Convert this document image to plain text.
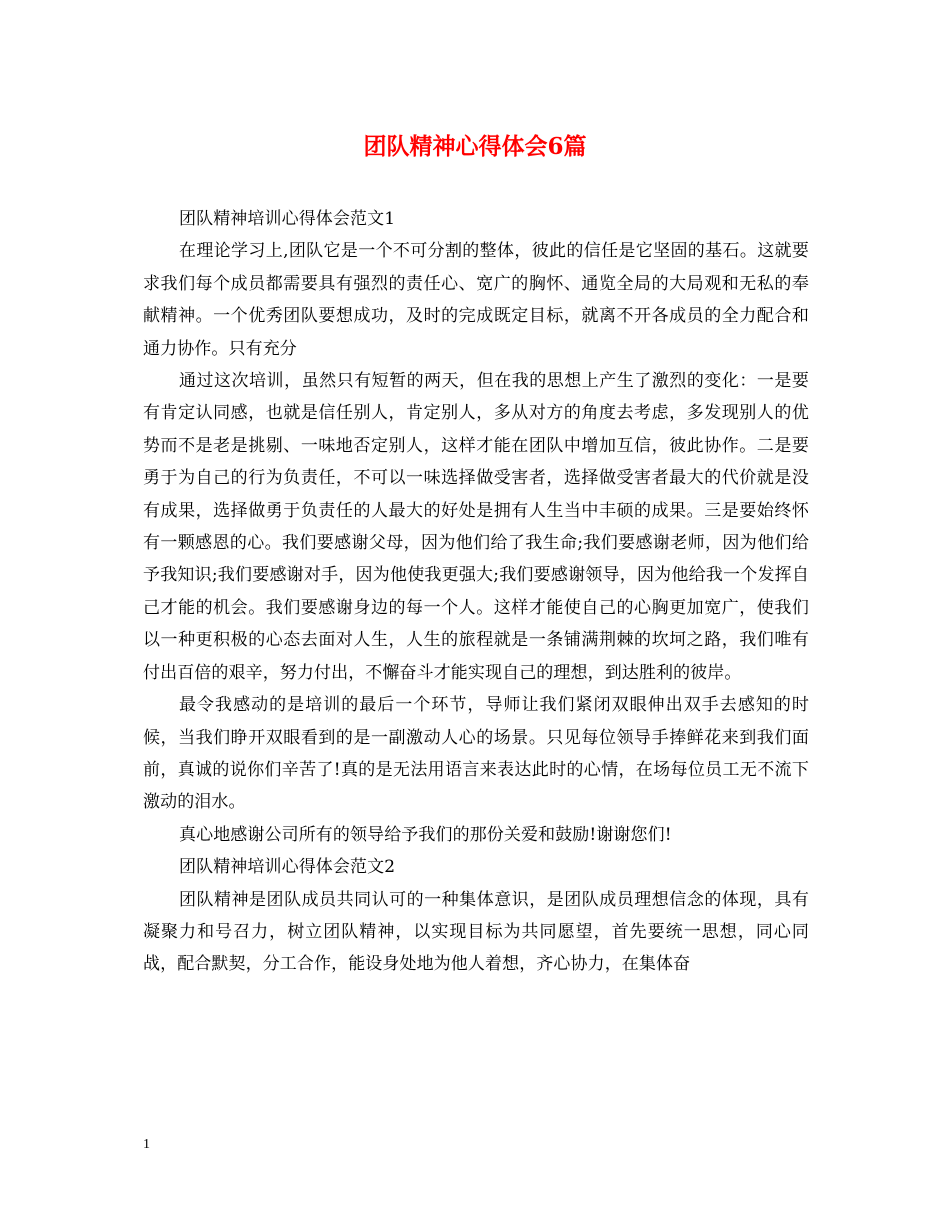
团队精神心得体会6篇

团队精神培训心得体会范文1

在理论学习上,团队它是一个不可分割的整体，彼此的信任是它坚固的基石。这就要求我们每个成员都需要具有强烈的责任心、宽广的胸怀、通览全局的大局观和无私的奉献精神。一个优秀团队要想成功，及时的完成既定目标，就离不开各成员的全力配合和通力协作。只有充分

通过这次培训，虽然只有短暂的两天，但在我的思想上产生了激烈的变化：一是要有肯定认同感，也就是信任别人，肯定别人，多从对方的角度去考虑，多发现别人的优势而不是老是挑剔、一味地否定别人，这样才能在团队中增加互信，彼此协作。二是要勇于为自己的行为负责任，不可以一味选择做受害者，选择做受害者最大的代价就是没有成果，选择做勇于负责任的人最大的好处是拥有人生当中丰硕的成果。三是要始终怀有一颗感恩的心。我们要感谢父母，因为他们给了我生命;我们要感谢老师，因为他们给予我知识;我们要感谢对手，因为他使我更强大;我们要感谢领导，因为他给我一个发挥自己才能的机会。我们要感谢身边的每一个人。这样才能使自己的心胸更加宽广，使我们以一种更积极的心态去面对人生，人生的旅程就是一条铺满荆棘的坎坷之路，我们唯有付出百倍的艰辛，努力付出，不懈奋斗才能实现自己的理想，到达胜利的彼岸。

最令我感动的是培训的最后一个环节，导师让我们紧闭双眼伸出双手去感知的时候，当我们睁开双眼看到的是一副激动人心的场景。只见每位领导手捧鲜花来到我们面前，真诚的说你们辛苦了!真的是无法用语言来表达此时的心情，在场每位员工无不流下激动的泪水。

真心地感谢公司所有的领导给予我们的那份关爱和鼓励!谢谢您们!

团队精神培训心得体会范文2

团队精神是团队成员共同认可的一种集体意识，是团队成员理想信念的体现，具有凝聚力和号召力，树立团队精神，以实现目标为共同愿望，首先要统一思想，同心同战，配合默契，分工合作，能设身处地为他人着想，齐心协力，在集体奋

1
